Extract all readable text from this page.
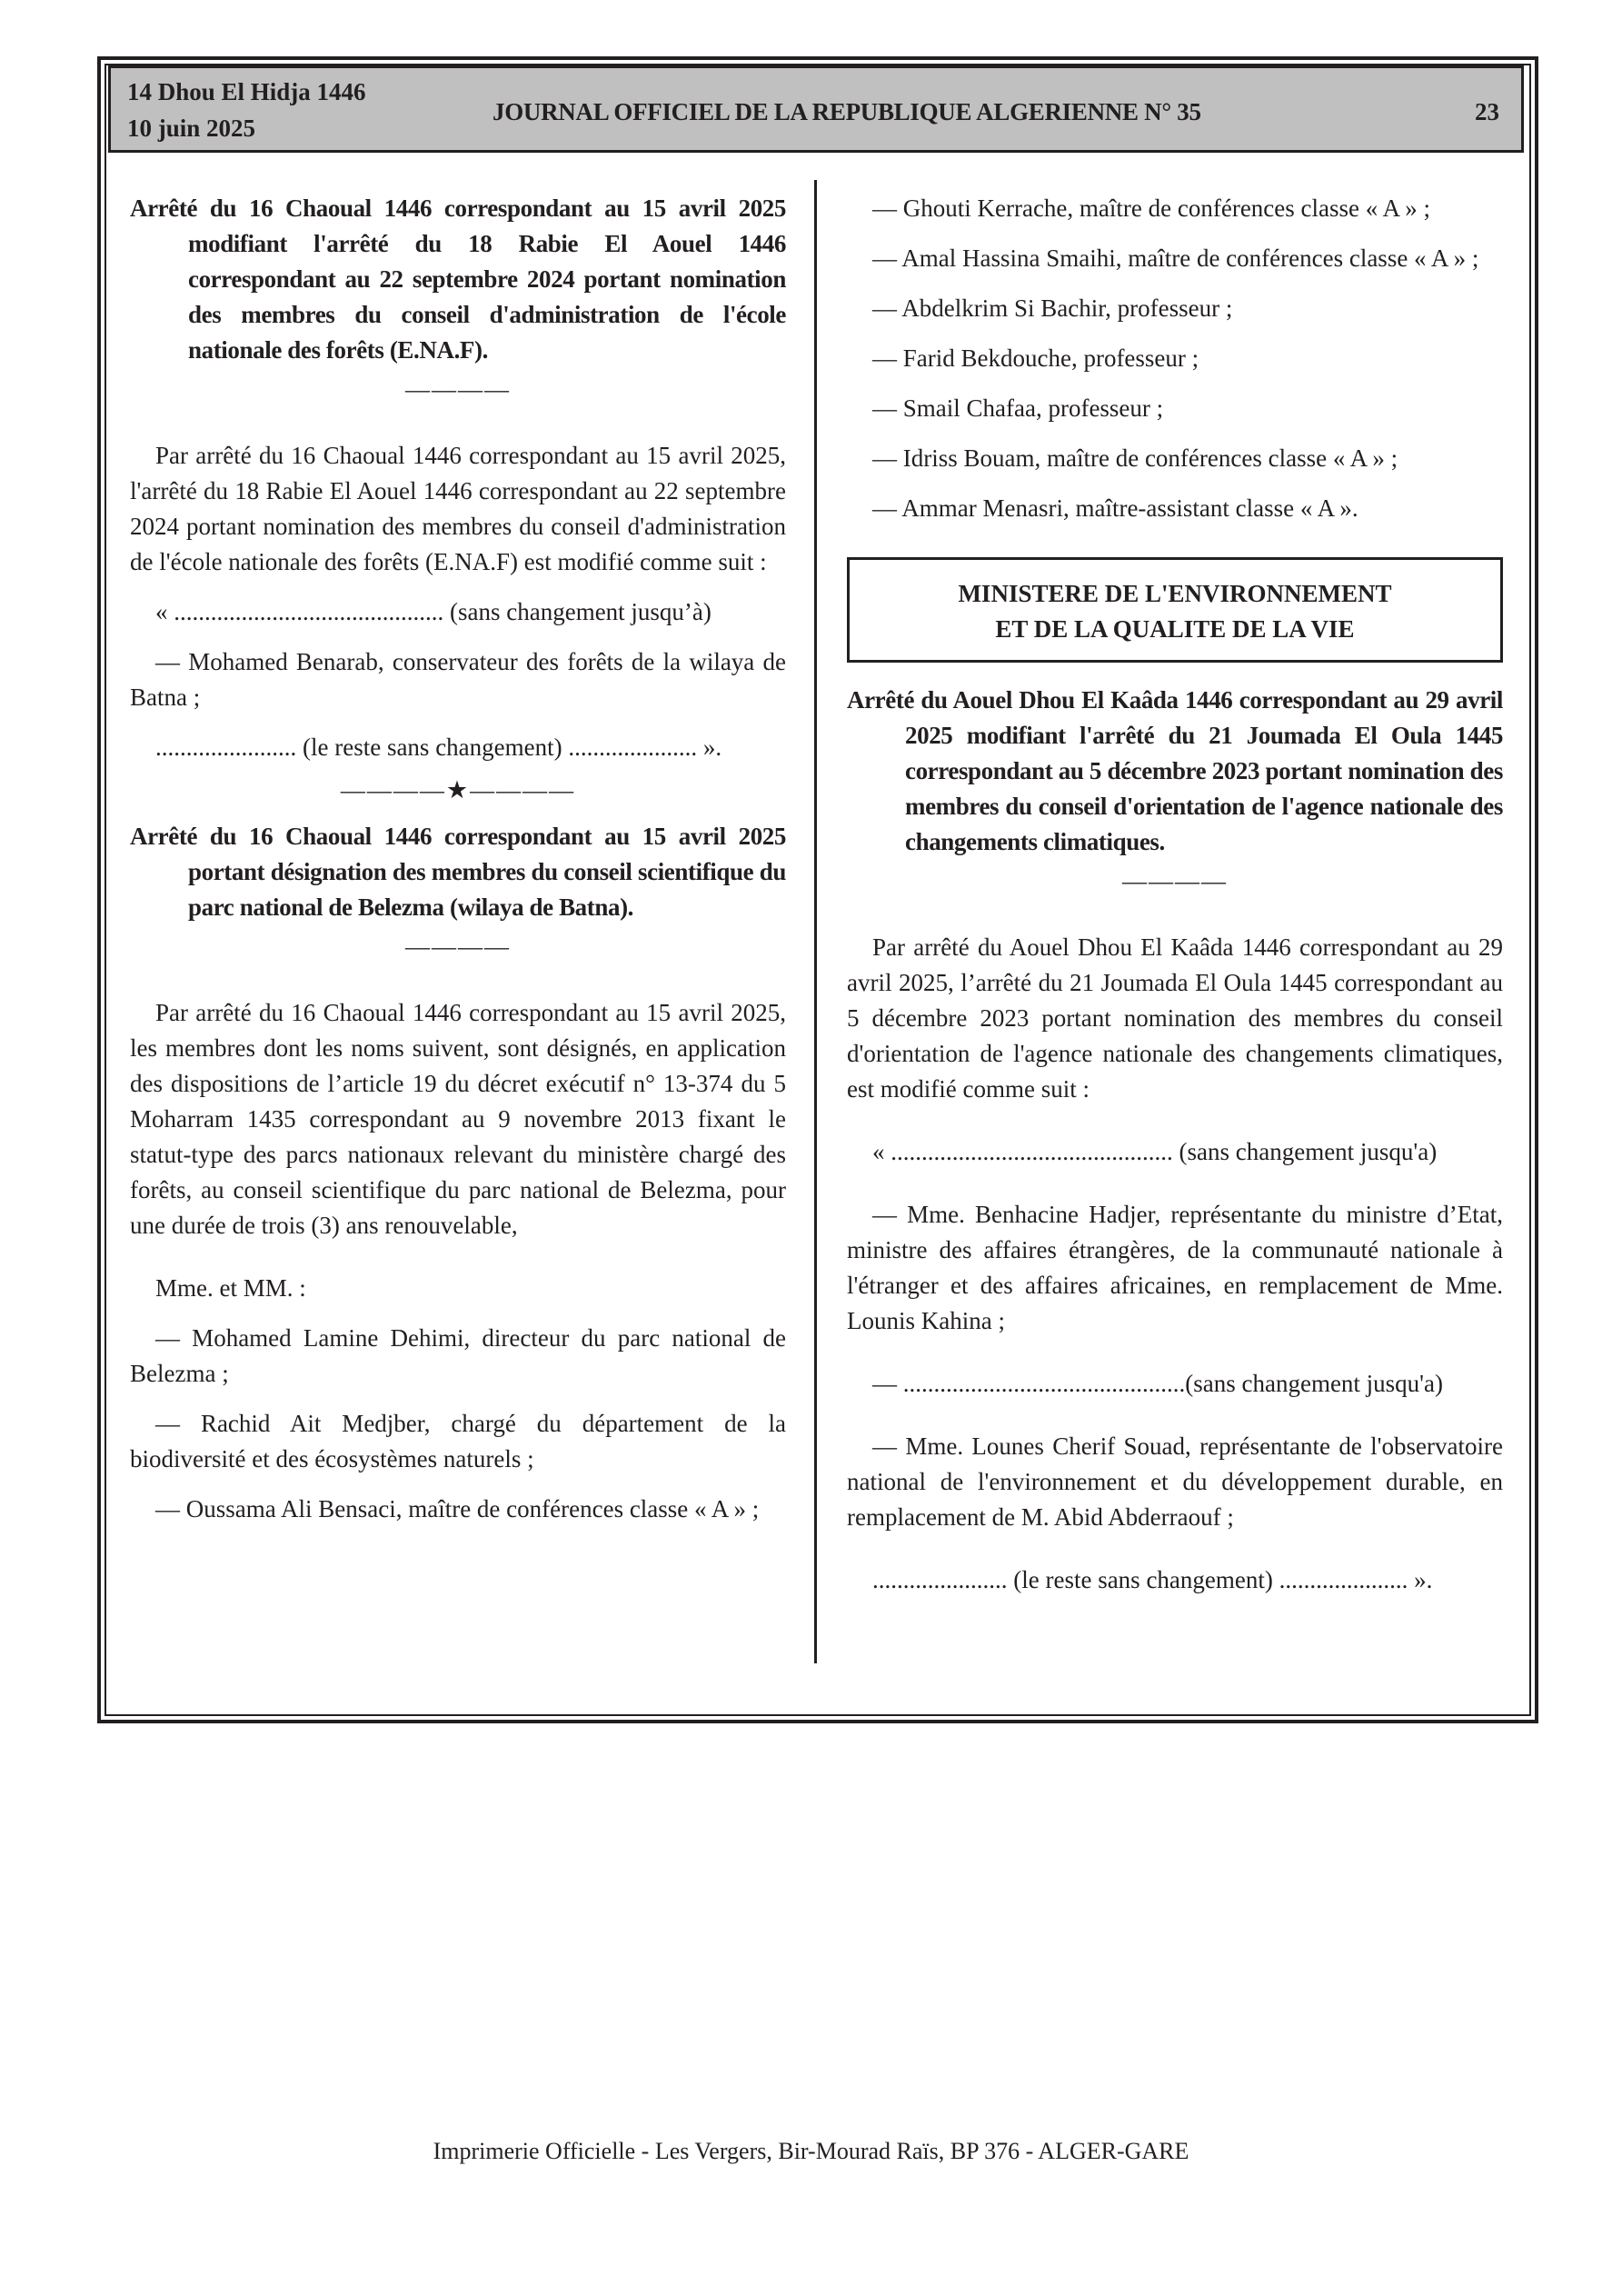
14 Dhou El Hidja 1446
10 juin 2025
JOURNAL OFFICIEL DE LA REPUBLIQUE ALGERIENNE N° 35	23

Arrêté du 16 Chaoual 1446 correspondant au 15 avril 2025 modifiant l'arrêté du 18 Rabie El Aouel 1446 correspondant au 22 septembre 2024 portant nomination des membres du conseil d'administration de l'école nationale des forêts (E.NA.F).

————

Par arrêté du 16 Chaoual 1446 correspondant au 15 avril 2025, l'arrêté du 18 Rabie El Aouel 1446 correspondant au 22 septembre 2024 portant nomination des membres du conseil d'administration de l'école nationale des forêts (E.NA.F) est modifié comme suit :

« ............................................ (sans changement jusqu’à)

— Mohamed Benarab, conservateur des forêts de la wilaya de Batna ;

....................... (le reste sans changement) ..................... ».

————★————

Arrêté du 16 Chaoual 1446 correspondant au 15 avril 2025 portant désignation des membres du conseil scientifique du parc national de Belezma (wilaya de Batna).

————

Par arrêté du 16 Chaoual 1446 correspondant au 15 avril 2025, les membres dont les noms suivent, sont désignés, en application des dispositions de l’article 19 du décret exécutif n° 13-374 du 5 Moharram 1435 correspondant au 9 novembre 2013 fixant le statut-type des parcs nationaux relevant du ministère chargé des forêts, au conseil scientifique du parc national de Belezma, pour une durée de trois (3) ans renouvelable,

Mme. et MM. :

— Mohamed Lamine Dehimi, directeur du parc national de Belezma ;

— Rachid Ait Medjber, chargé du département de la biodiversité et des écosystèmes naturels ;

— Oussama Ali Bensaci, maître de conférences classe « A » ;

— Ghouti Kerrache, maître de conférences classe « A » ;

— Amal Hassina Smaihi, maître de conférences classe « A » ;

— Abdelkrim Si Bachir, professeur ;

— Farid Bekdouche, professeur ;

— Smail Chafaa, professeur ;

— Idriss Bouam, maître de conférences classe « A » ;

— Ammar Menasri, maître-assistant classe « A ».

MINISTERE DE L'ENVIRONNEMENT
ET DE LA QUALITE DE LA VIE

Arrêté du Aouel Dhou El Kaâda 1446 correspondant au 29 avril 2025 modifiant l'arrêté du 21 Joumada El Oula 1445 correspondant au 5 décembre 2023 portant nomination des membres du conseil d'orientation de l'agence nationale des changements climatiques.

————

Par arrêté du Aouel Dhou El Kaâda 1446 correspondant au 29 avril 2025, l’arrêté du 21 Joumada El Oula 1445 correspondant au 5 décembre 2023 portant nomination des membres du conseil d'orientation de l'agence nationale des changements climatiques, est modifié comme suit :

« .............................................. (sans changement jusqu'a)

— Mme. Benhacine Hadjer, représentante du ministre d’Etat, ministre des affaires étrangères, de la communauté nationale à l'étranger et des affaires africaines, en remplacement de Mme. Lounis Kahina ;

— ..............................................(sans changement jusqu'a)

— Mme. Lounes Cherif Souad, représentante de l'observatoire national de l'environnement et du développement durable, en remplacement de M. Abid Abderraouf ;

...................... (le reste sans changement) ..................... ».

Imprimerie Officielle - Les Vergers, Bir-Mourad Raïs, BP 376 - ALGER-GARE
